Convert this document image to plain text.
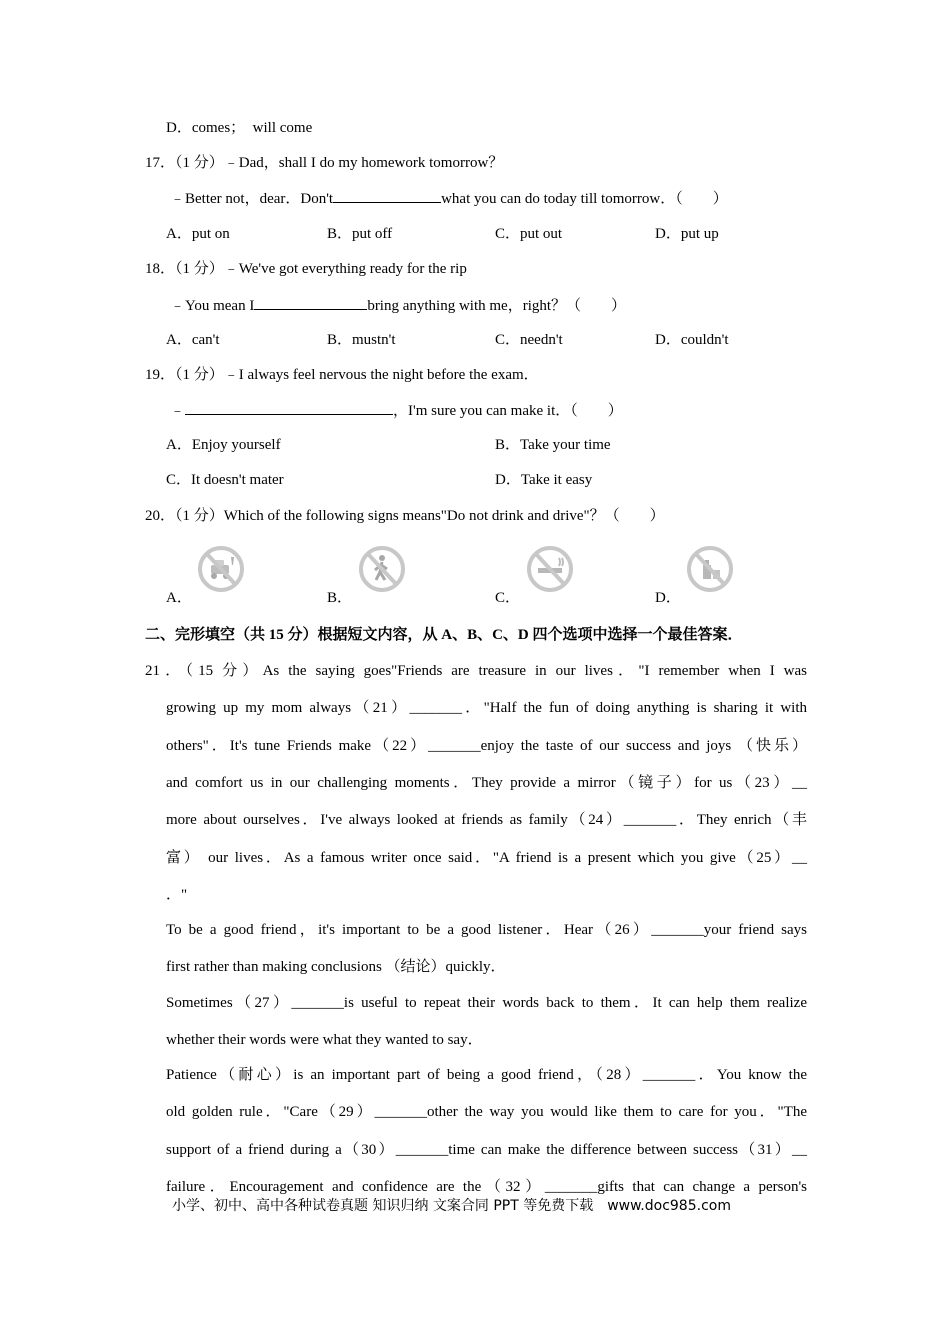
D．comes；　will come
17．（1 分）﹣Dad，shall I do my homework tomorrow？
﹣Better not，dear．Don't	what you can do today till tomorrow．（　　）
A．put on	B．put off	C．put out	D．put up
18．（1 分）﹣We've got everything ready for the rip
﹣You mean I	bring anything with me，right？（　　）
A．can't	B．mustn't	C．needn't	D．couldn't
19．（1 分）﹣I always feel nervous the night before the exam．
﹣	，I'm sure you can make it．（　　）
A．Enjoy yourself	B．Take your time
C．It doesn't mater	D．Take it easy
20．（1 分）Which of the following signs means"Do not drink and drive"？（　　）
A．	B．	C．	D．
二、完形填空（共 15 分）根据短文内容，从 A、B、C、D 四个选项中选择一个最佳答案．
21．（15 分）As the saying goes"Friends are treasure in our lives．"I remember when I was
growing up my mom always（21）_______．"Half the fun of doing anything is sharing it with
others"．It's tune Friends make（22）_______enjoy the taste of our success and joys （快乐）
and comfort us in our challenging moments．They provide a mirror（镜子）for us（23）__
more about ourselves．I've always looked at friends as family（24）_______．They enrich（丰
富） our lives．As a famous writer once said．"A friend is a present which you give（25）__
．"
To be a good friend，it's important to be a good listener．Hear（26）_______your friend says
first rather than making conclusions （结论）quickly．
Sometimes（27）_______is useful to repeat their words back to them．It can help them realize
whether their words were what they wanted to say．
Patience（耐心）is an important part of being a good friend，（28）_______．You know the
old golden rule．"Care（29）_______other the way you would like them to care for you．"The
support of a friend during a（30）_______time can make the difference between success（31）__
failure．Encouragement and confidence are the（32）_______gifts that can change a person's
小学、初中、高中各种试卷真题 知识归纳 文案合同 PPT 等免费下载　www.doc985.com
